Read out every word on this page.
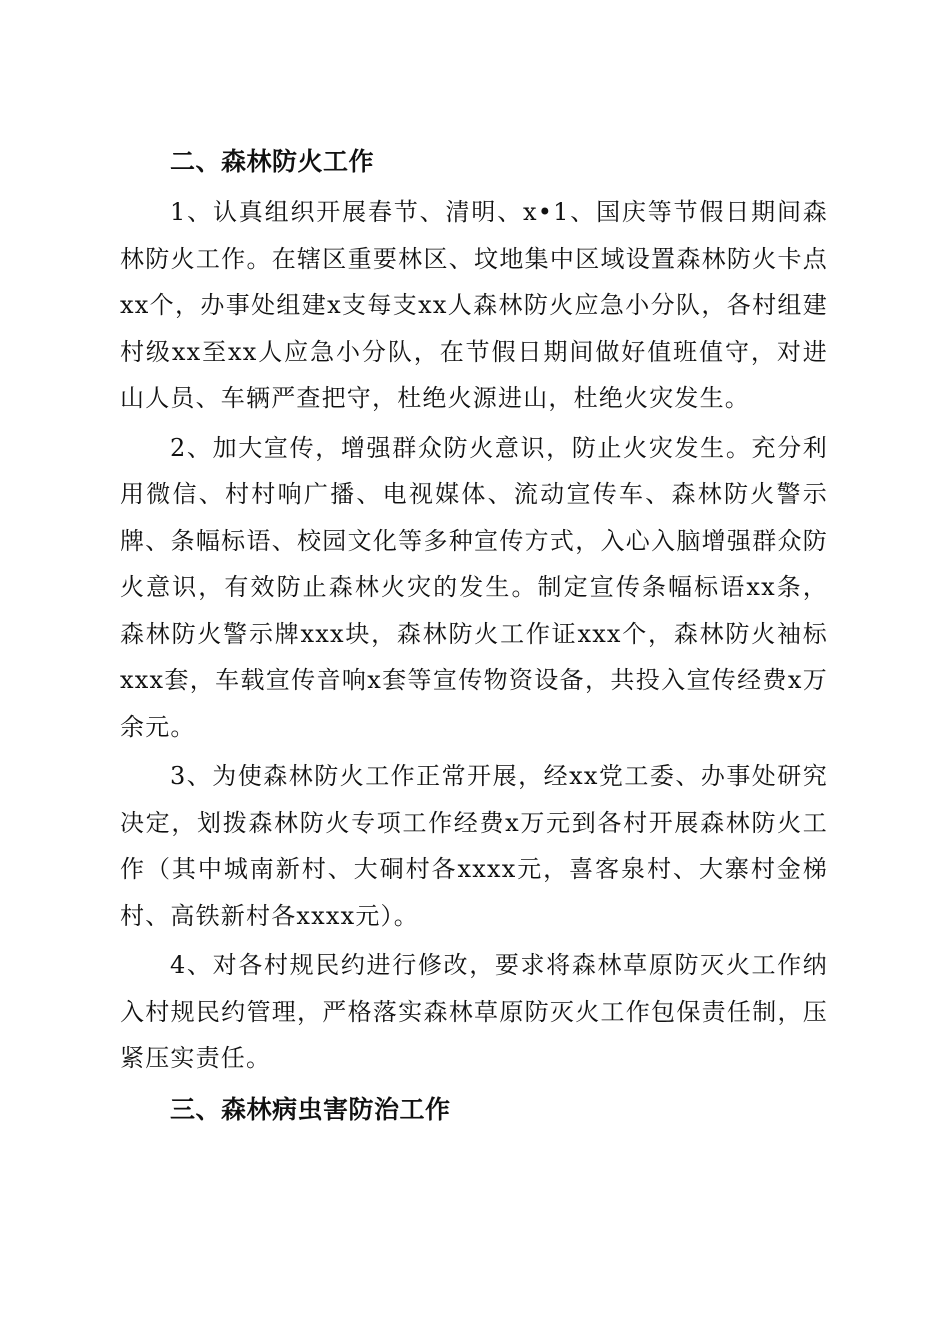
二、森林防火工作

1、认真组织开展春节、清明、x•1、国庆等节假日期间森林防火工作。在辖区重要林区、坟地集中区域设置森林防火卡点xx个，办事处组建x支每支xx人森林防火应急小分队，各村组建村级xx至xx人应急小分队，在节假日期间做好值班值守，对进山人员、车辆严查把守，杜绝火源进山，杜绝火灾发生。

2、加大宣传，增强群众防火意识，防止火灾发生。充分利用微信、村村响广播、电视媒体、流动宣传车、森林防火警示牌、条幅标语、校园文化等多种宣传方式，入心入脑增强群众防火意识，有效防止森林火灾的发生。制定宣传条幅标语xx条，森林防火警示牌xxx块，森林防火工作证xxx个，森林防火袖标xxx套，车载宣传音响x套等宣传物资设备，共投入宣传经费x万余元。

3、为使森林防火工作正常开展，经xx党工委、办事处研究决定，划拨森林防火专项工作经费x万元到各村开展森林防火工作（其中城南新村、大硐村各xxxx元，喜客泉村、大寨村金梯村、高铁新村各xxxx元）。

4、对各村规民约进行修改，要求将森林草原防灭火工作纳入村规民约管理，严格落实森林草原防灭火工作包保责任制，压紧压实责任。

三、森林病虫害防治工作
